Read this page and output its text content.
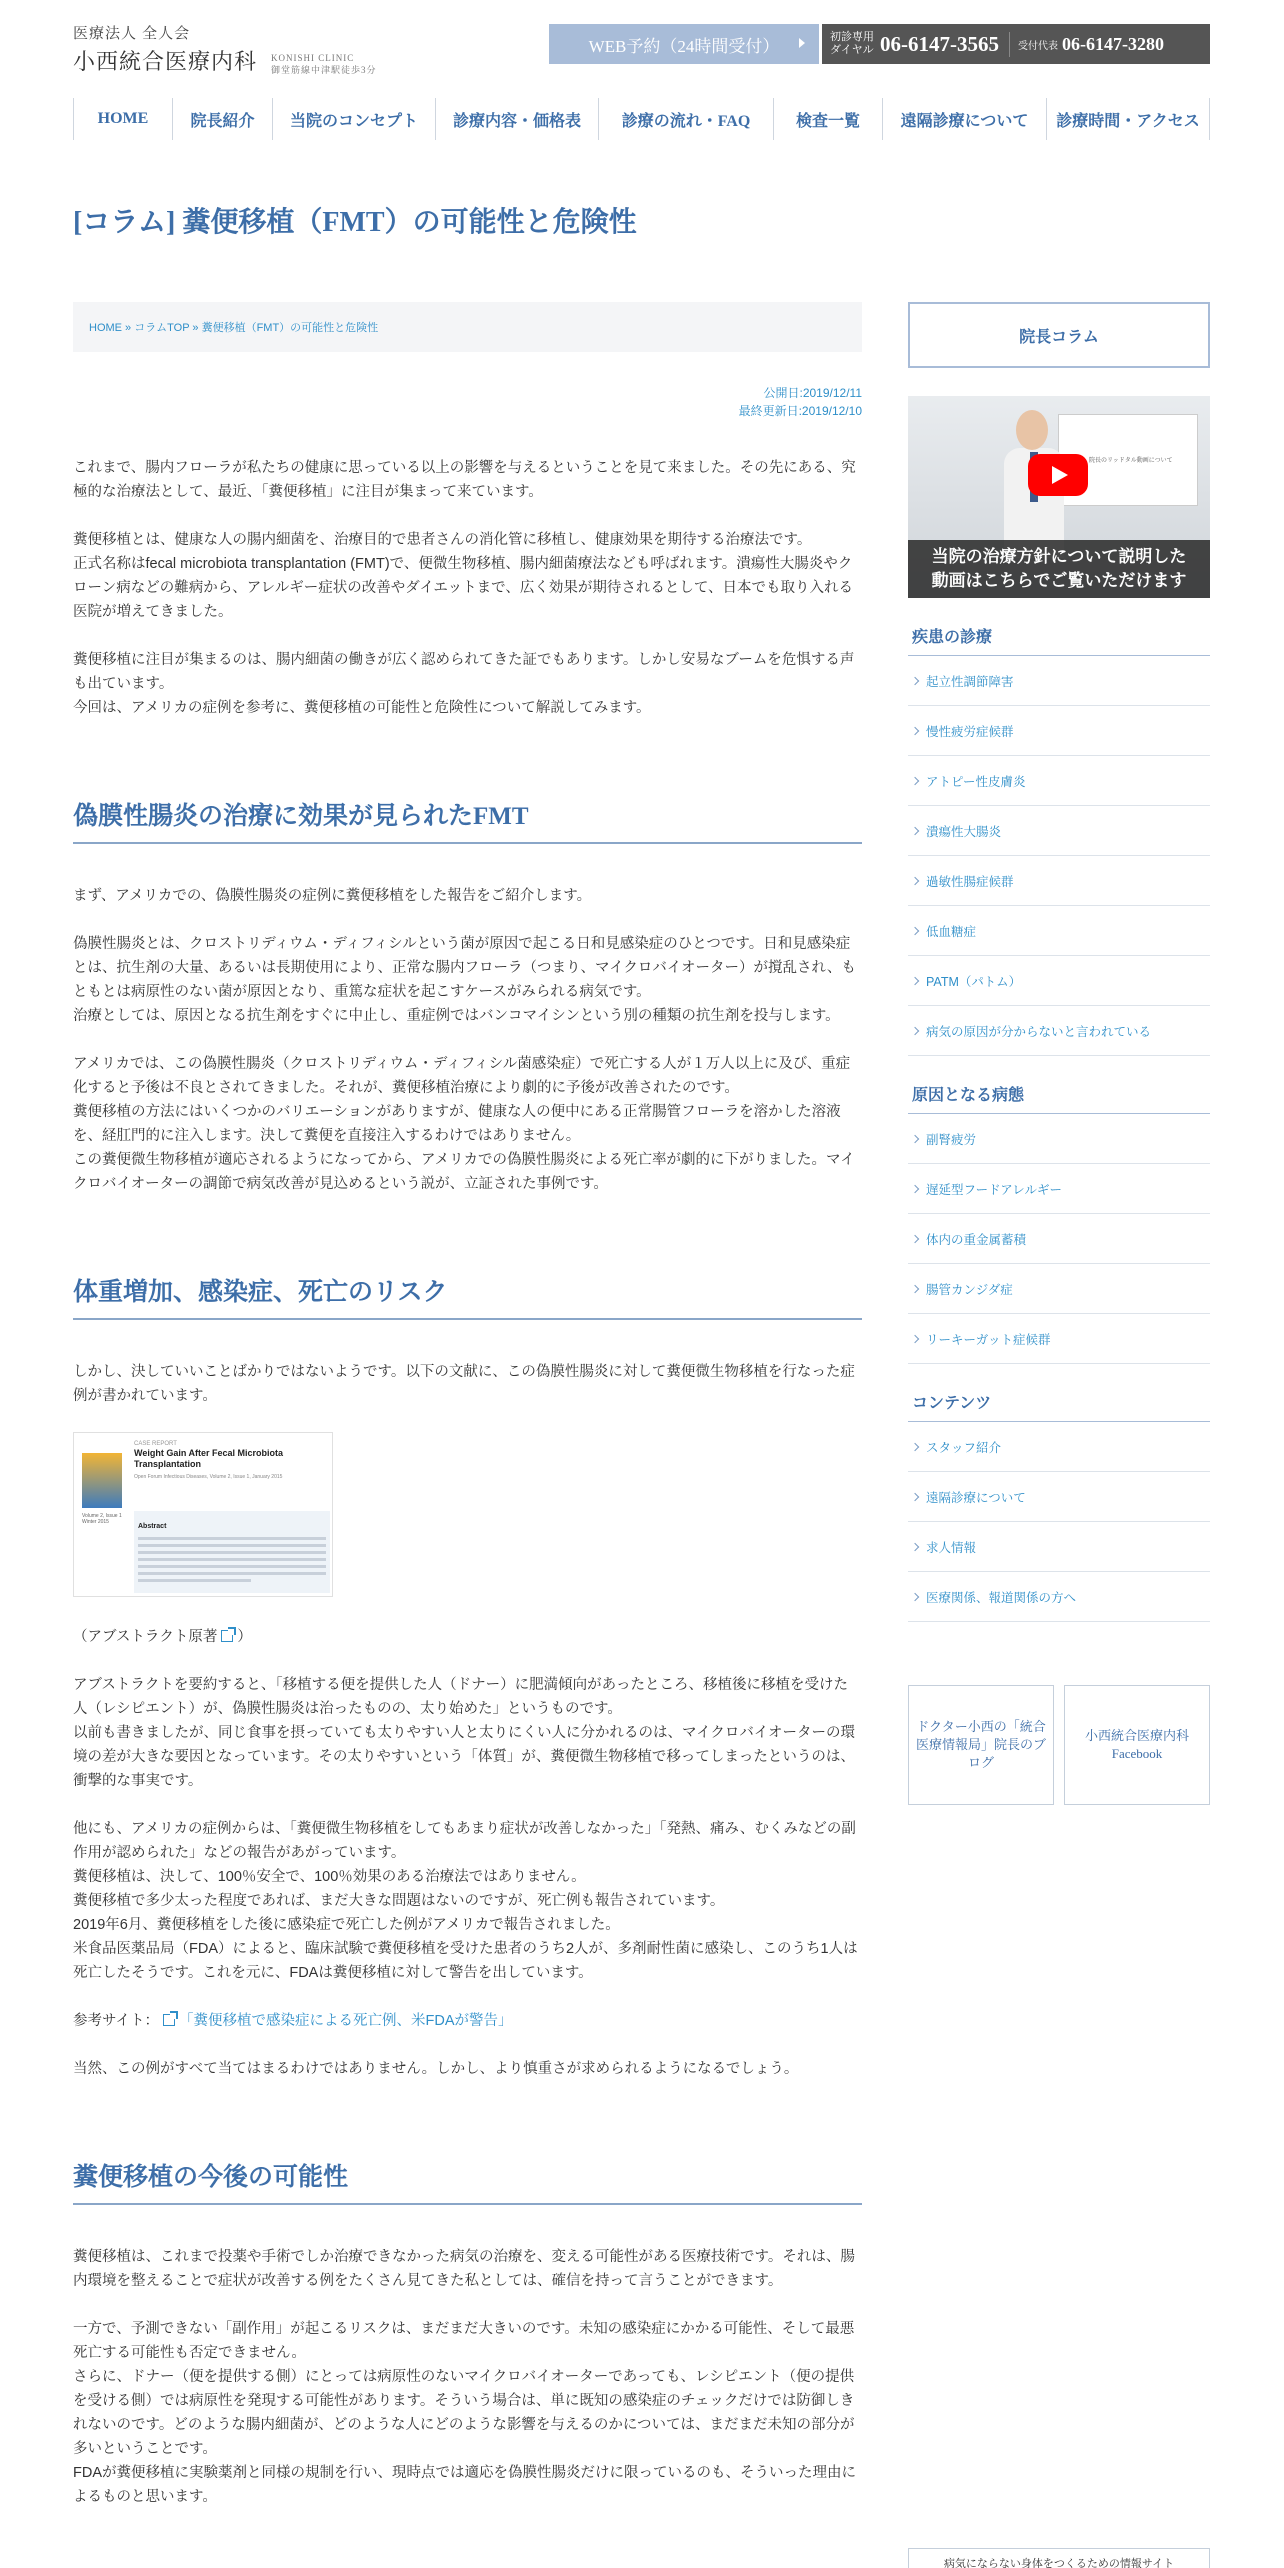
医療法人 全人会
小西統合医療内科 KONISHI CLINIC
御堂筋線中津駅徒歩3分
WEB予約（24時間受付）	初診専用
ダイヤル 06-6147-3565	受付代表 06-6147-3280
HOME	院長紹介	当院のコンセプト	診療内容・価格表	診療の流れ・FAQ	検査一覧	遠隔診療について	診療時間・アクセス
[コラム] 糞便移植（FMT）の可能性と危険性
HOME » コラムTOP » 糞便移植（FMT）の可能性と危険性
公開日:2019/12/11
最終更新日:2019/12/10

これまで、腸内フローラが私たちの健康に思っている以上の影響を与えるということを見て来ました。その先にある、究極的な治療法として、最近、「糞便移植」に注目が集まって来ています。

糞便移植とは、健康な人の腸内細菌を、治療目的で患者さんの消化管に移植し、健康効果を期待する治療法です。

正式名称はfecal microbiota transplantation (FMT)で、便微生物移植、腸内細菌療法なども呼ばれます。潰瘍性大腸炎やクローン病などの難病から、アレルギー症状の改善やダイエットまで、広く効果が期待されるとして、日本でも取り入れる医院が増えてきました。

糞便移植に注目が集まるのは、腸内細菌の働きが広く認められてきた証でもあります。しかし安易なブームを危惧する声も出ています。

今回は、アメリカの症例を参考に、糞便移植の可能性と危険性について解説してみます。

偽膜性腸炎の治療に効果が見られたFMT

まず、アメリカでの、偽膜性腸炎の症例に糞便移植をした報告をご紹介します。

偽膜性腸炎とは、クロストリディウム・ディフィシルという菌が原因で起こる日和見感染症のひとつです。日和見感染症とは、抗生剤の大量、あるいは長期使用により、正常な腸内フローラ（つまり、マイクロバイオーター）が撹乱され、もともとは病原性のない菌が原因となり、重篤な症状を起こすケースがみられる病気です。

治療としては、原因となる抗生剤をすぐに中止し、重症例ではバンコマイシンという別の種類の抗生剤を投与します。

アメリカでは、この偽膜性腸炎（クロストリディウム・ディフィシル菌感染症）で死亡する人が１万人以上に及び、重症化すると予後は不良とされてきました。それが、糞便移植治療により劇的に予後が改善されたのです。

糞便移植の方法にはいくつかのバリエーションがありますが、健康な人の便中にある正常腸管フローラを溶かした溶液を、経肛門的に注入します。決して糞便を直接注入するわけではありません。

この糞便微生物移植が適応されるようになってから、アメリカでの偽膜性腸炎による死亡率が劇的に下がりました。マイクロバイオーターの調節で病気改善が見込めるという説が、立証された事例です。

体重増加、感染症、死亡のリスク

しかし、決していいことばかりではないようです。以下の文献に、この偽膜性腸炎に対して糞便微生物移植を行なった症例が書かれています。

CASE REPORT
Volume 2, Issue 1 Winter 2015
Weight Gain After Fecal Microbiota Transplantation
Open Forum Infectious Diseases, Volume 2, Issue 1, January 2015
Abstract

（アブストラクト原著 ）

アブストラクトを要約すると、「移植する便を提供した人（ドナー）に肥満傾向があったところ、移植後に移植を受けた人（レシピエント）が、偽膜性腸炎は治ったものの、太り始めた」というものです。

以前も書きましたが、同じ食事を摂っていても太りやすい人と太りにくい人に分かれるのは、マイクロバイオーターの環境の差が大きな要因となっています。その太りやすいという「体質」が、糞便微生物移植で移ってしまったというのは、衝撃的な事実です。

他にも、アメリカの症例からは、「糞便微生物移植をしてもあまり症状が改善しなかった」「発熱、痛み、むくみなどの副作用が認められた」などの報告があがっています。

糞便移植は、決して、100％安全で、100％効果のある治療法ではありません。

糞便移植で多少太った程度であれば、まだ大きな問題はないのですが、死亡例も報告されています。

2019年6月、糞便移植をした後に感染症で死亡した例がアメリカで報告されました。

米食品医薬品局（FDA）によると、臨床試験で糞便移植を受けた患者のうち2人が、多剤耐性菌に感染し、このうち1人は死亡したそうです。これを元に、FDAは糞便移植に対して警告を出しています。

参考サイト： 「糞便移植で感染症による死亡例、米FDAが警告」

当然、この例がすべて当てはまるわけではありません。しかし、より慎重さが求められるようになるでしょう。

糞便移植の今後の可能性

糞便移植は、これまで投薬や手術でしか治療できなかった病気の治療を、変える可能性がある医療技術です。それは、腸内環境を整えることで症状が改善する例をたくさん見てきた私としては、確信を持って言うことができます。

一方で、予測できない「副作用」が起こるリスクは、まだまだ大きいのです。未知の感染症にかかる可能性、そして最悪死亡する可能性も否定できません。

さらに、ドナー（便を提供する側）にとっては病原性のないマイクロバイオーターであっても、レシピエント（便の提供を受ける側）では病原性を発現する可能性があります。そういう場合は、単に既知の感染症のチェックだけでは防御しきれないのです。どのような腸内細菌が、どのような人にどのような影響を与えるのかについては、まだまだ未知の部分が多いということです。

FDAが糞便移植に実験薬剤と同様の規制を行い、現時点では適応を偽膜性腸炎だけに限っているのも、そういった理由によるものと思います。

院長コラム
院長のリッドタル動画について
当院の治療方針について説明した
動画はこちらでご覧いただけます
疾患の診療
起立性調節障害
慢性疲労症候群
アトピー性皮膚炎
潰瘍性大腸炎
過敏性腸症候群
低血糖症
PATM（パトム）
病気の原因が分からないと言われている
原因となる病態
副腎疲労
遅延型フードアレルギー
体内の重金属蓄積
腸管カンジダ症
リーキーガット症候群
コンテンツ
スタッフ紹介
遠隔診療について
求人情報
医療関係、報道関係の方へ
ドクター小西の「統合医療情報局」院長のブログ
小西統合医療内科 Facebook
病気にならない身体をつくるための情報サイト
